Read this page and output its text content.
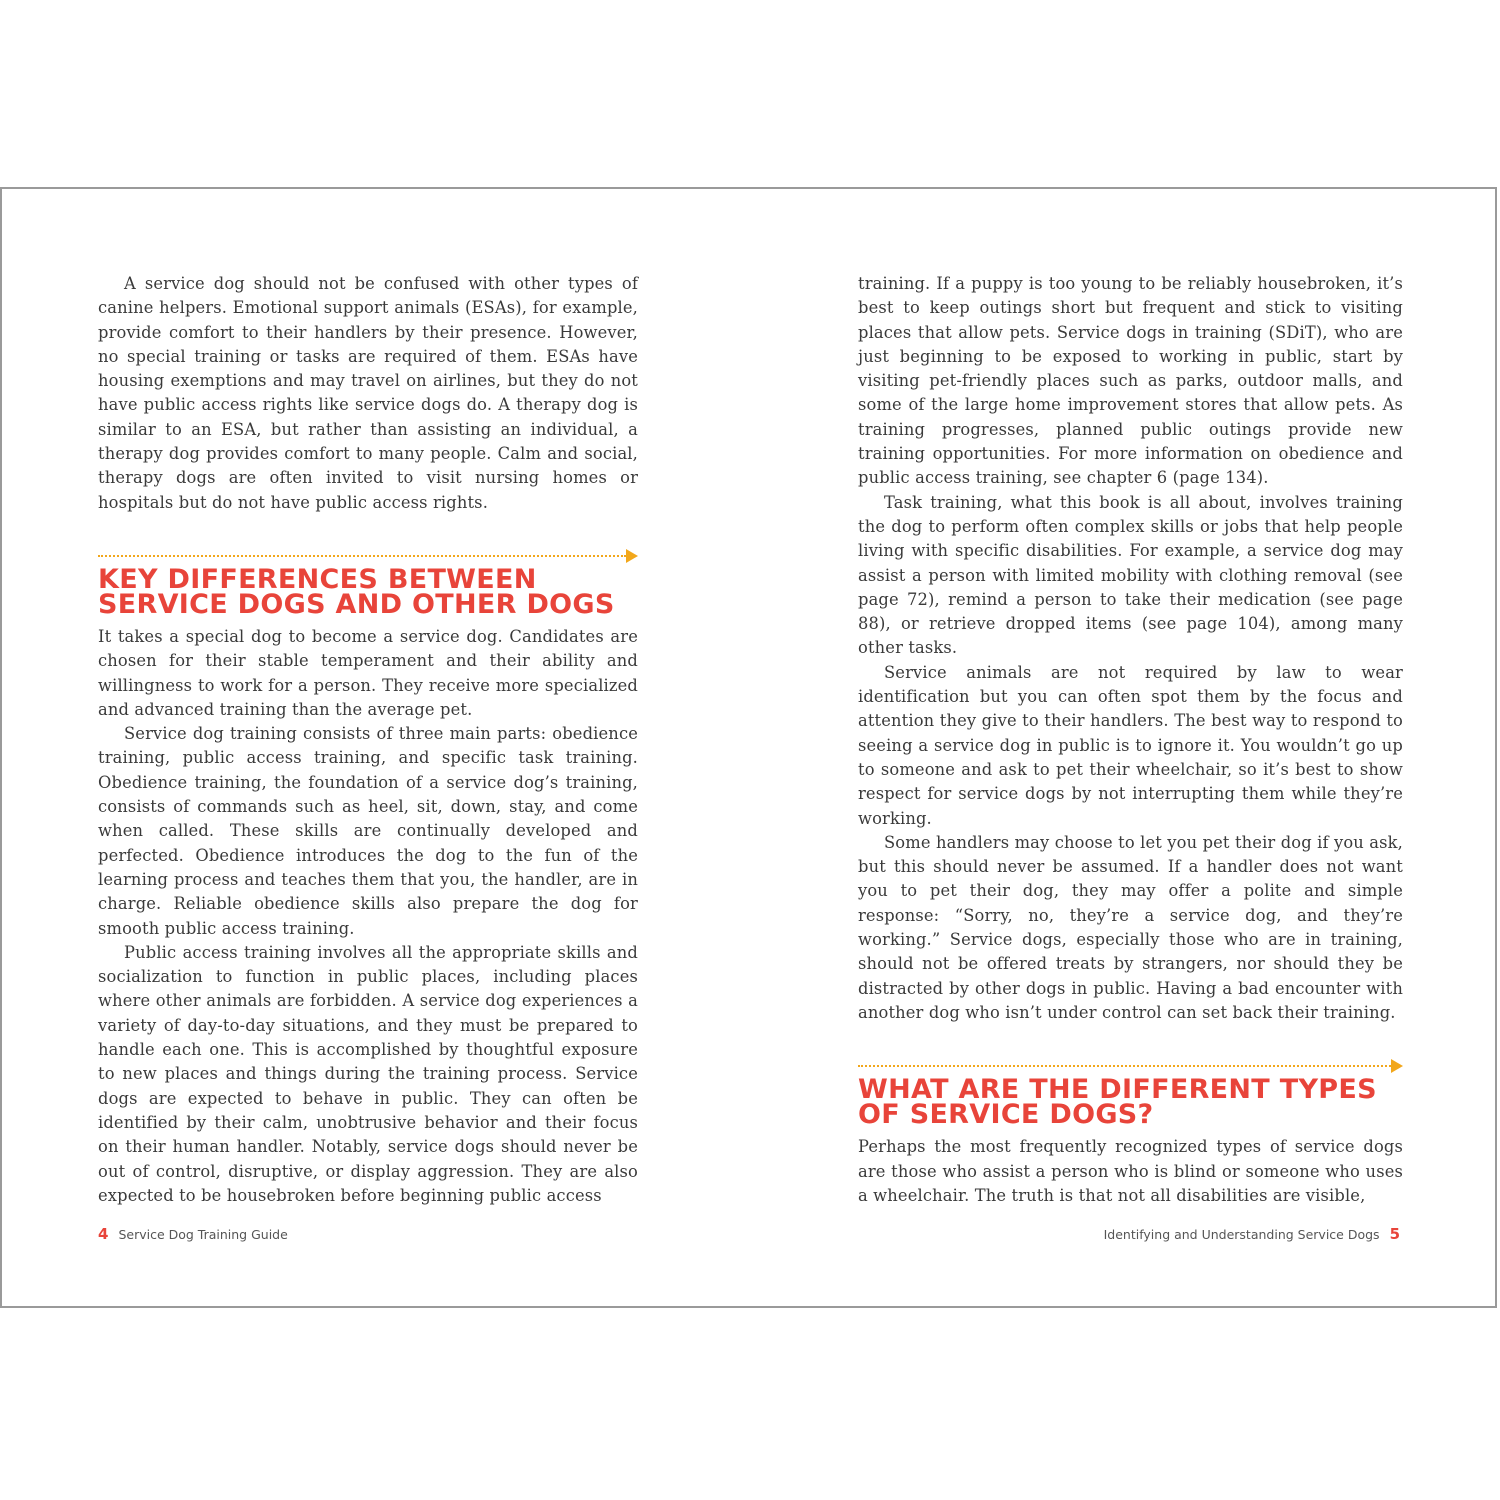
A service dog should not be confused with other types of canine helpers. Emotional support animals (ESAs), for example, provide comfort to their handlers by their presence. However, no special training or tasks are required of them. ESAs have housing exemptions and may travel on airlines, but they do not have public access rights like service dogs do. A therapy dog is similar to an ESA, but rather than assisting an individual, a therapy dog provides comfort to many people. Calm and social, therapy dogs are often invited to visit nursing homes or hospitals but do not have public access rights.

KEY DIFFERENCES BETWEEN SERVICE DOGS AND OTHER DOGS

It takes a special dog to become a service dog. Candidates are chosen for their stable temperament and their ability and willingness to work for a person. They receive more specialized and advanced training than the average pet.

Service dog training consists of three main parts: obedience training, public access training, and specific task training. Obedience training, the foundation of a service dog’s training, consists of commands such as heel, sit, down, stay, and come when called. These skills are continually developed and perfected. Obedience introduces the dog to the fun of the learning process and teaches them that you, the handler, are in charge. Reliable obedience skills also prepare the dog for smooth public access training.

Public access training involves all the appropriate skills and socialization to function in public places, including places where other animals are forbidden. A service dog experiences a variety of day-to-day situations, and they must be prepared to handle each one. This is accomplished by thoughtful exposure to new places and things during the training process. Service dogs are expected to behave in public. They can often be identified by their calm, unobtrusive behavior and their focus on their human handler. Notably, service dogs should never be out of control, disruptive, or display aggression. They are also expected to be housebroken before beginning public access

4 Service Dog Training Guide

training. If a puppy is too young to be reliably housebroken, it’s best to keep outings short but frequent and stick to visiting places that allow pets. Service dogs in training (SDiT), who are just beginning to be exposed to working in public, start by visiting pet-friendly places such as parks, outdoor malls, and some of the large home improvement stores that allow pets. As training progresses, planned public outings provide new training opportunities. For more information on obedience and public access training, see chapter 6 (page 134).

Task training, what this book is all about, involves training the dog to perform often complex skills or jobs that help people living with specific disabilities. For example, a service dog may assist a person with limited mobility with clothing removal (see page 72), remind a person to take their medication (see page 88), or retrieve dropped items (see page 104), among many other tasks.

Service animals are not required by law to wear identification but you can often spot them by the focus and attention they give to their handlers. The best way to respond to seeing a service dog in public is to ignore it. You wouldn’t go up to someone and ask to pet their wheelchair, so it’s best to show respect for service dogs by not interrupting them while they’re working.

Some handlers may choose to let you pet their dog if you ask, but this should never be assumed. If a handler does not want you to pet their dog, they may offer a polite and simple response: “Sorry, no, they’re a service dog, and they’re working.” Service dogs, especially those who are in training, should not be offered treats by strangers, nor should they be distracted by other dogs in public. Having a bad encounter with another dog who isn’t under control can set back their training.

WHAT ARE THE DIFFERENT TYPES OF SERVICE DOGS?

Perhaps the most frequently recognized types of service dogs are those who assist a person who is blind or someone who uses a wheelchair. The truth is that not all disabilities are visible,

Identifying and Understanding Service Dogs 5
